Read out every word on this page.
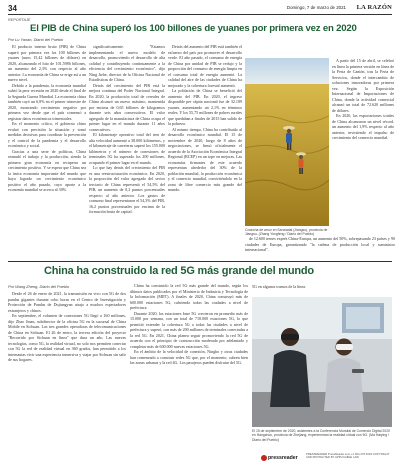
34	Domingo, 7 de marzo de 2021 LA RAZÓN
REPORTAJE
El PIB de China superó los 100 billones de yuanes por primera vez en 2020
Por Lu Yanan, Diario del Pueblo

El producto interno bruto (PIB) de China superó por primera vez los 100 billones de yuanes (unos 15,42 billones de dólares) en 2020, alcanzando el hito de 101,5986 billones, un aumento del 2,3% con respecto al año anterior. La economía de China se erige así a un nuevo nivel.

Debido a la pandemia, la economía mundial sufrió la peor recesión en 2020 desde el final de la Segunda Guerra Mundial. La economía china también cayó un 6,8% en el primer trimestre de 2020, mostrando crecimiento negativo por primera vez desde que el país comenzó a registrar datos económicos trimestrales.

En el momento crítico, el gobierno chino evaluó con precisión la situación y tomó medidas decisivas para coordinar la prevención y el control de la pandemia y el desarrollo económico y social.

Gracias a una serie de políticas, China reanudó el trabajo y la producción, siendo la primera gran economía en recuperar un crecimiento positivo. Y se espera que China sea la única economía importante del mundo que haya logrado un crecimiento económico positivo el año pasado, cuyo aporte a la economía mundial se acerca al 30%.

significativamente. "Estamos implementando el nuevo modelo de desarrollo, promoviendo el desarrollo de alta calidad y contribuyendo continuamente a la eficiencia del crecimiento económico", dijo Ning Jizhe, director de la Oficina Nacional de Estadísticas de China.

Detrás del crecimiento del PIB está la mejora continua del Poder Nacional Integral. En 2020, la producción total de cereales de China alcanzó un nuevo máximo, mantenida por encima de 0,65 billones de kilogramos durante seis años consecutivos. El valor agregado de la manufactura de China ocupa el primer lugar en el mundo durante 11 años consecutivos.

El kilometraje operativo total del tren de alta velocidad aumentó a 38.000 kilómetros, y el kilometraje de carreteras superó los 155.000 kilómetros y el número de conexiones de terminales 5G ha superado los 200 millones, ocupando el primer lugar en el mundo.

Lo que hay detrás del crecimiento del PIB es una reestructuración económica. En 2020, la proporción del valor agregado del sector terciario de China representó el 54,5% del PIB, un aumento de 0,2 puntos porcentuales respecto al año anterior. Los gastos de consumo final representaron el 54,3% del PIB, 16,2 puntos porcentuales por encima de la formación bruta de capital.

Detrás del aumento del PIB está también el esfuerzo del país por promover el desarrollo verde. El año pasado, el consumo de energía de China por unidad de PIB se redujo y la proporción del consumo de energía limpia en el consumo total de energía aumentó. La calidad del aire de las ciudades de China ha mejorado y la cobertura forestal aumentó.

La población de China se benefició del aumento del PIB. En 2020, el ingreso disponible per cápita nacional fue de 32.189 yuanes, aumentando un 2,1% en términos reales. Y los 55,75 millones de pobres rurales que quedaban a finales de 2015 han salido de la pobreza.

Al mismo tiempo, China ha contribuido al desarrollo económico mundial. El 15 de noviembre de 2020, luego de 8 años de negociaciones, se firmó oficialmente el acuerdo de la Asociación Económica Integral Regional (RCEP) en un tope en mejoras. Las economías firmantes de este acuerdo representan alrededor del 30% de la población mundial, la producción económica y el comercio mundial, convirtiéndolo en la zona de libre comercio más grande del mundo.

Cosecha de arroz en Sanxiadai (Jiangsu), provincia de Jiangsu. (Zhang Yongfeng / Diario del Pueblo)

de 12.600 trenes exprés China-Europa, un aumento del 50%, sobrepasando 23 países y 90 ciudades de Europa, garantizando "la cadena de producción local y suministro internacional".

A partir del 15 de abril, se celebró en línea la primera versión en línea de la Feria de Cantón, tras la Feria de Servicios, donde el intercambio de soluciones innovadoras por primera vez. Según la Exposición Internacional de Importaciones de China, donde la actividad comercial alcanzó un total de 72.620 millones de dólares.

En 2020, las exportaciones totales de China alcanzaron un nivel récord, un aumento del 1,9% respecto al año anterior, invirtiendo el impulso de crecimiento del comercio mundial.

China ha construido la red 5G más grande del mundo
Por Wang Zheng, Diario del Pueblo

Desde el 26 de enero de 2021, la transmisión en vivo con 5G de dos pandas gigantes durante ocho horas en el Centro de Investigación y Protección de Pandas de Dujiangyan atrajo a muchos espectadores extranjeros y chinos.

En septiembre, el volumen de conexiones 5G llegó a 160 millones, dijo Zhao Jinan, subdirector de la oficina 5G en la sucursal de China Mobile en Sichuan. Las tres grandes operadoras de telecomunicaciones de China en Sichuan. El 26 de enero, la tercera edición del proyecto "Recorrido por Sichuan en línea" que dura un año. Las nuevas tecnologías, como 5G, la realidad virtual, no solo nos permiten conectar con 5G la red de realidad virtual en 360 grados, han permitido a los internautas vivir una experiencia inmersiva y viajar por Sichuan sin salir de sus hogares.

China ha construido la red 5G más grande del mundo, según los últimos datos publicados por el Ministerio de Industria y Tecnología de la Información (MIIT). A finales de 2020, China construyó más de 600.000 estaciones 5G, cubriendo todas las ciudades a nivel de prefectura.

Durante 2020, las estaciones base 5G crecieron en promedio más de 15.000 por semana, con un total de 718.000 estaciones 5G, lo que permitió extender la cobertura 5G a todas las ciudades a nivel de prefectura y superó, con más de 200 millones de terminales conectadas a la red 5G. En 2021, China planea seguir promoviendo la red 5G de acuerdo con el principio de construcción moderada por adelantado y completar más de 600.000 nuevas estaciones 5G.

En el ámbito de la velocidad de conexión, Ningbo y otras ciudades han comenzado a construir redes 5G que, por el momento, cubren bien las zonas urbanas y la red 4G. Los pasajeros pueden disfrutar del 5G.

5G en algunos tramos de la línea.

El 15 de septiembre de 2020, asistentes a la Conferencia Mundial de Comercio Digital 2020 en Hangzhou, provincia de Zhejiang, experimentan la realidad virtual con 5G. (Ma Haiying / Diario del Pueblo)
pressreader
PRESSREADER PressReader.com +1 604 278 4604 COPYRIGHT AND PROTECTED BY APPLICABLE LAW
